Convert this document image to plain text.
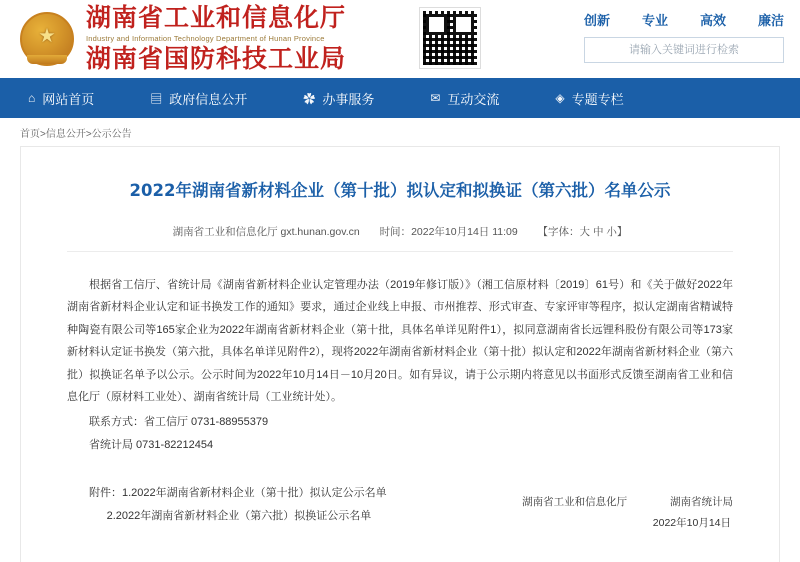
★
湖南省工业和信息化厅
Industry and Information Technology Department of Hunan Province
湖南省国防科技工业局
创新 专业 高效 廉洁
请输入关键词进行检索
⌂ 网站首页	▤ 政府信息公开	✿ 办事服务	✉ 互动交流	◈ 专题专栏
首页>信息公开>公示公告
2022年湖南省新材料企业（第十批）拟认定和拟换证（第六批）名单公示
湖南省工业和信息化厅 gxt.hunan.gov.cn 时间：2022年10月14日 11:09 【字体：大 中 小】

根据省工信厅、省统计局《湖南省新材料企业认定管理办法（2019年修订版）》（湘工信原材料〔2019〕61号）和《关于做好2022年湖南省新材料企业认定和证书换发工作的通知》要求，通过企业线上申报、市州推荐、形式审查、专家评审等程序，拟认定湖南省精诚特种陶瓷有限公司等165家企业为2022年湖南省新材料企业（第十批，具体名单详见附件1），拟同意湖南省长远锂科股份有限公司等173家新材料认定证书换发（第六批，具体名单详见附件2），现将2022年湖南省新材料企业（第十批）拟认定和2022年湖南省新材料企业（第六批）拟换证名单予以公示。公示时间为2022年10月14日－10月20日。如有异议，请于公示期内将意见以书面形式反馈至湖南省工业和信息化厅（原材料工业处）、湖南省统计局（工业统计处）。

联系方式：省工信厅 0731-88955379

省统计局 0731-82212454

附件：1.2022年湖南省新材料企业（第十批）拟认定公示名单

2.2022年湖南省新材料企业（第六批）拟换证公示名单

湖南省工业和信息化厅	湖南省统计局
2022年10月14日
